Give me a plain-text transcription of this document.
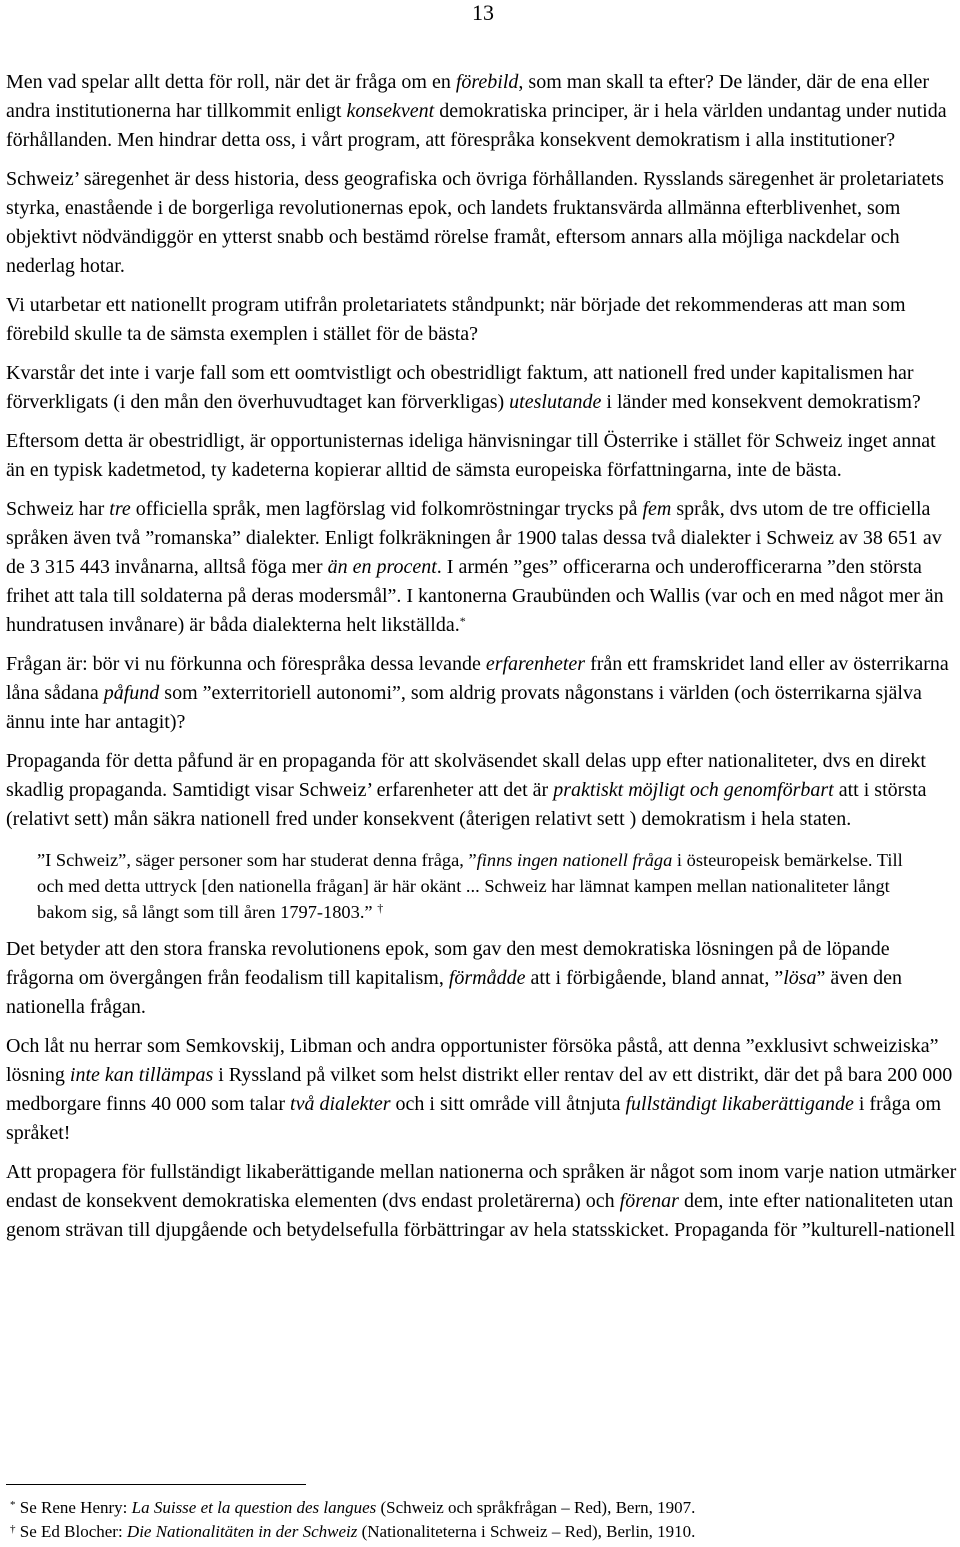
13

Men vad spelar allt detta för roll, när det är fråga om en förebild, som man skall ta efter? De länder, där de ena eller andra institutionerna har tillkommit enligt konsekvent demokratiska principer, är i hela världen undantag under nutida förhållanden. Men hindrar detta oss, i vårt program, att förespråka konsekvent demokratism i alla institutioner?

Schweiz’ säregenhet är dess historia, dess geografiska och övriga förhållanden. Rysslands säregenhet är proletariatets styrka, enastående i de borgerliga revolutionernas epok, och landets fruktansvärda allmänna efterblivenhet, som objektivt nödvändiggör en ytterst snabb och bestämd rörelse framåt, eftersom annars alla möjliga nackdelar och nederlag hotar.

Vi utarbetar ett nationellt program utifrån proletariatets ståndpunkt; när började det rekommenderas att man som förebild skulle ta de sämsta exemplen i stället för de bästa?

Kvarstår det inte i varje fall som ett oomtvistligt och obestridligt faktum, att nationell fred under kapitalismen har förverkligats (i den mån den överhuvudtaget kan förverkligas) uteslutande i länder med konsekvent demokratism?

Eftersom detta är obestridligt, är opportunisternas ideliga hänvisningar till Österrike i stället för Schweiz inget annat än en typisk kadetmetod, ty kadeterna kopierar alltid de sämsta europeiska författningarna, inte de bästa.

Schweiz har tre officiella språk, men lagförslag vid folkomröstningar trycks på fem språk, dvs utom de tre officiella språken även två ”romanska” dialekter. Enligt folkräkningen år 1900 talas dessa två dialekter i Schweiz av 38 651 av de 3 315 443 invånarna, alltså föga mer än en procent. I armén ”ges” officerarna och underofficerarna ”den största frihet att tala till soldaterna på deras modersmål”. I kantonerna Graubünden och Wallis (var och en med något mer än hundratusen invånare) är båda dialekterna helt likställda.*

Frågan är: bör vi nu förkunna och förespråka dessa levande erfarenheter från ett framskridet land eller av österrikarna låna sådana påfund som ”exterritoriell autonomi”, som aldrig provats någonstans i världen (och österrikarna själva ännu inte har antagit)?

Propaganda för detta påfund är en propaganda för att skolväsendet skall delas upp efter nationaliteter, dvs en direkt skadlig propaganda. Samtidigt visar Schweiz’ erfarenheter att det är praktiskt möjligt och genomförbart att i största (relativt sett) mån säkra nationell fred under konsekvent (återigen relativt sett ) demokratism i hela staten.

”I Schweiz”, säger personer som har studerat denna fråga, ”finns ingen nationell fråga i östeuropeisk bemärkelse. Till och med detta uttryck [den nationella frågan] är här okänt ... Schweiz har lämnat kampen mellan nationaliteter långt bakom sig, så långt som till åren 1797-1803.” †

Det betyder att den stora franska revolutionens epok, som gav den mest demokratiska lösningen på de löpande frågorna om övergången från feodalism till kapitalism, förmådde att i förbigående, bland annat, ”lösa” även den nationella frågan.

Och låt nu herrar som Semkovskij, Libman och andra opportunister försöka påstå, att denna ”exklusivt schweiziska” lösning inte kan tillämpas i Ryssland på vilket som helst distrikt eller rentav del av ett distrikt, där det på bara 200 000 medborgare finns 40 000 som talar två dialekter och i sitt område vill åtnjuta fullständigt likaberättigande i fråga om språket!

Att propagera för fullständigt likaberättigande mellan nationerna och språken är något som inom varje nation utmärker endast de konsekvent demokratiska elementen (dvs endast proletärerna) och förenar dem, inte efter nationaliteten utan genom strävan till djupgående och betydelsefulla förbättringar av hela statsskicket. Propaganda för ”kulturell-nationell

* Se Rene Henry: La Suisse et la question des langues (Schweiz och språkfrågan – Red), Bern, 1907.
† Se Ed Blocher: Die Nationalitäten in der Schweiz (Nationaliteterna i Schweiz – Red), Berlin, 1910.
